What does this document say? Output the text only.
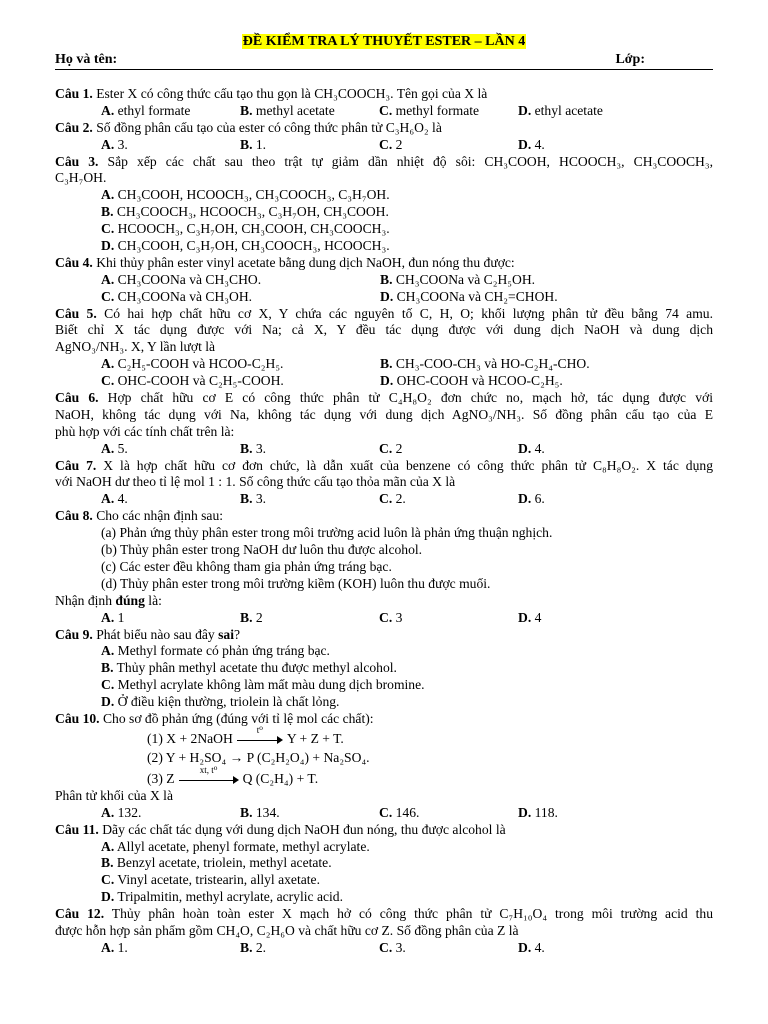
ĐỀ KIỂM TRA LÝ THUYẾT ESTER – LẦN 4
Họ và tên:	Lớp:
Câu 1. Ester X có công thức cấu tạo thu gọn là CH₃COOCH₃. Tên gọi của X là
A. ethyl formate	B. methyl acetate	C. methyl formate	D. ethyl acetate
Câu 2. Số đồng phân cấu tạo của ester có công thức phân tử C₃H₆O₂ là
A. 3.	B. 1.	C. 2	D. 4.
Câu 3. Sắp xếp các chất sau theo trật tự giảm dần nhiệt độ sôi: CH₃COOH, HCOOCH₃, CH₃COOCH₃,
C₃H₇OH.
A. CH₃COOH, HCOOCH₃, CH₃COOCH₃, C₃H₇OH.
B. CH₃COOCH₃, HCOOCH₃, C₃H₇OH, CH₃COOH.
C. HCOOCH₃, C₃H₇OH, CH₃COOH, CH₃COOCH₃.
D. CH₃COOH, C₃H₇OH, CH₃COOCH₃, HCOOCH₃.
Câu 4. Khi thủy phân ester vinyl acetate bằng dung dịch NaOH, đun nóng thu được:
A. CH₃COONa và CH₃CHO.	B. CH₃COONa và C₂H₅OH.
C. CH₃COONa và CH₃OH.	D. CH₃COONa và CH₂=CHOH.
Câu 5. Có hai hợp chất hữu cơ X, Y chứa các nguyên tố C, H, O; khối lượng phân tử đều bằng 74 amu.
Biết chỉ X tác dụng được với Na; cả X, Y đều tác dụng được với dung dịch NaOH và dung dịch
AgNO₃/NH₃. X, Y lần lượt là
A. C₂H₅-COOH và HCOO-C₂H₅.	B. CH₃-COO-CH₃ và HO-C₂H₄-CHO.
C. OHC-COOH và C₂H₅-COOH.	D. OHC-COOH và HCOO-C₂H₅.
Câu 6. Hợp chất hữu cơ E có công thức phân tử C₄H₈O₂ đơn chức no, mạch hở, tác dụng được với
NaOH, không tác dụng với Na, không tác dụng với dung dịch AgNO₃/NH₃. Số đồng phân cấu tạo của E
phù hợp với các tính chất trên là:
A. 5.	B. 3.	C. 2	D. 4.
Câu 7. X là hợp chất hữu cơ đơn chức, là dẫn xuất của benzene có công thức phân tử C₈H₈O₂. X tác dụng
với NaOH dư theo tỉ lệ mol 1 : 1. Số công thức cấu tạo thỏa mãn của X là
A. 4.	B. 3.	C. 2.	D. 6.
Câu 8. Cho các nhận định sau:
(a) Phản ứng thủy phân ester trong môi trường acid luôn là phản ứng thuận nghịch.
(b) Thủy phân ester trong NaOH dư luôn thu được alcohol.
(c) Các ester đều không tham gia phản ứng tráng bạc.
(d) Thủy phân ester trong môi trường kiềm (KOH) luôn thu được muối.
Nhận định đúng là:
A. 1	B. 2	C. 3	D. 4
Câu 9. Phát biểu nào sau đây sai?
A. Methyl formate có phản ứng tráng bạc.
B. Thủy phân methyl acetate thu được methyl alcohol.
C. Methyl acrylate không làm mất màu dung dịch bromine.
D. Ở điều kiện thường, triolein là chất lỏng.
Câu 10. Cho sơ đồ phản ứng (đúng với tỉ lệ mol các chất):
(1) X + 2NaOH
t⁰
Y + Z + T.
(2) Y + H₂SO₄ → P (C₂H₂O₄) + Na₂SO₄.
(3) Z
xt, t⁰
Q (C₂H₄) + T.
Phân tử khối của X là
A. 132.	B. 134.	C. 146.	D. 118.
Câu 11. Dãy các chất tác dụng với dung dịch NaOH đun nóng, thu được alcohol là
A. Allyl acetate, phenyl formate, methyl acrylate.
B. Benzyl acetate, triolein, methyl acetate.
C. Vinyl acetate, tristearin, allyl axetate.
D. Tripalmitin, methyl acrylate, acrylic acid.
Câu 12. Thủy phân hoàn toàn ester X mạch hở có công thức phân tử C₇H₁₀O₄ trong môi trường acid thu
được hỗn hợp sản phẩm gồm CH₄O, C₂H₆O và chất hữu cơ Z. Số đồng phân của Z là
A. 1.	B. 2.	C. 3.	D. 4.
